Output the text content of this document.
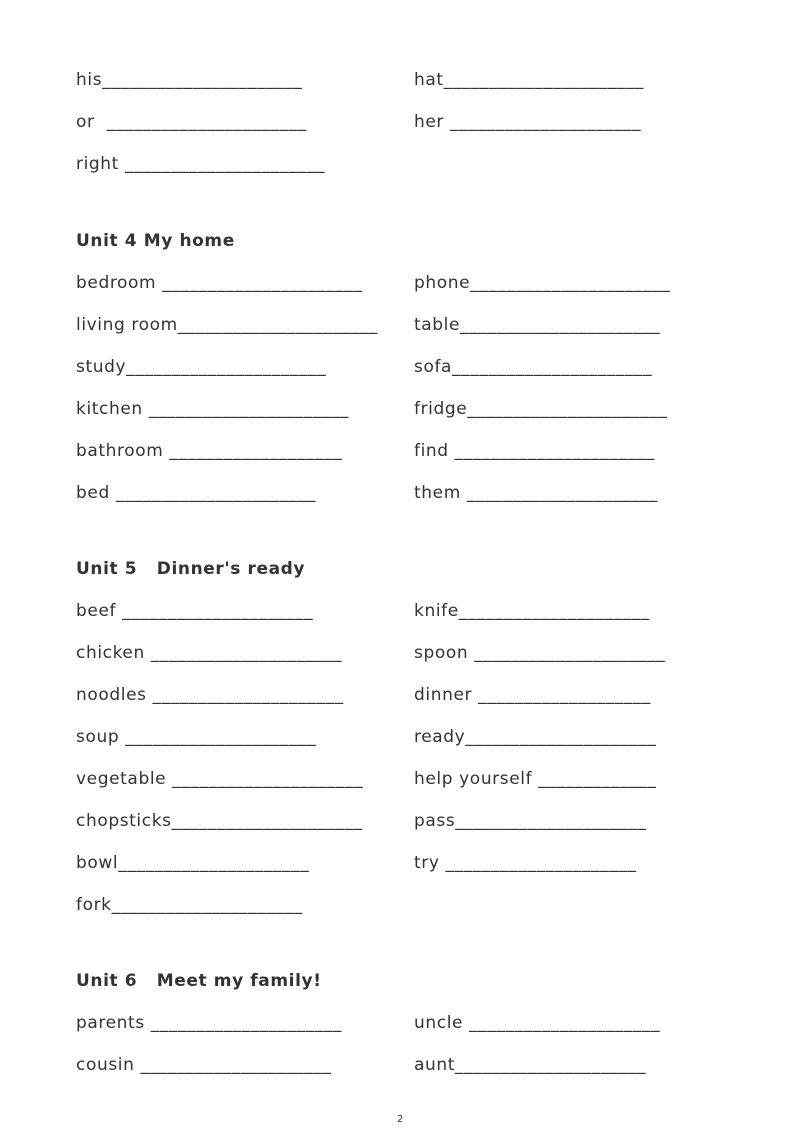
his______________________	hat______________________
or  ______________________	her _____________________
right ______________________
Unit 4 My home
bedroom ______________________	phone______________________
living room______________________ table______________________
study______________________	sofa______________________
kitchen ______________________	fridge______________________
bathroom ___________________	find ______________________
bed ______________________	them _____________________
Unit 5   Dinner's ready
beef _____________________	knife_____________________
chicken _____________________	spoon _____________________
noodles _____________________	dinner ___________________
soup _____________________	ready_____________________
vegetable _____________________	help yourself _____________
chopsticks_____________________	pass_____________________
bowl_____________________	try _____________________
fork_____________________
Unit 6   Meet my family!
parents _____________________	uncle _____________________
cousin _____________________	aunt_____________________
2
